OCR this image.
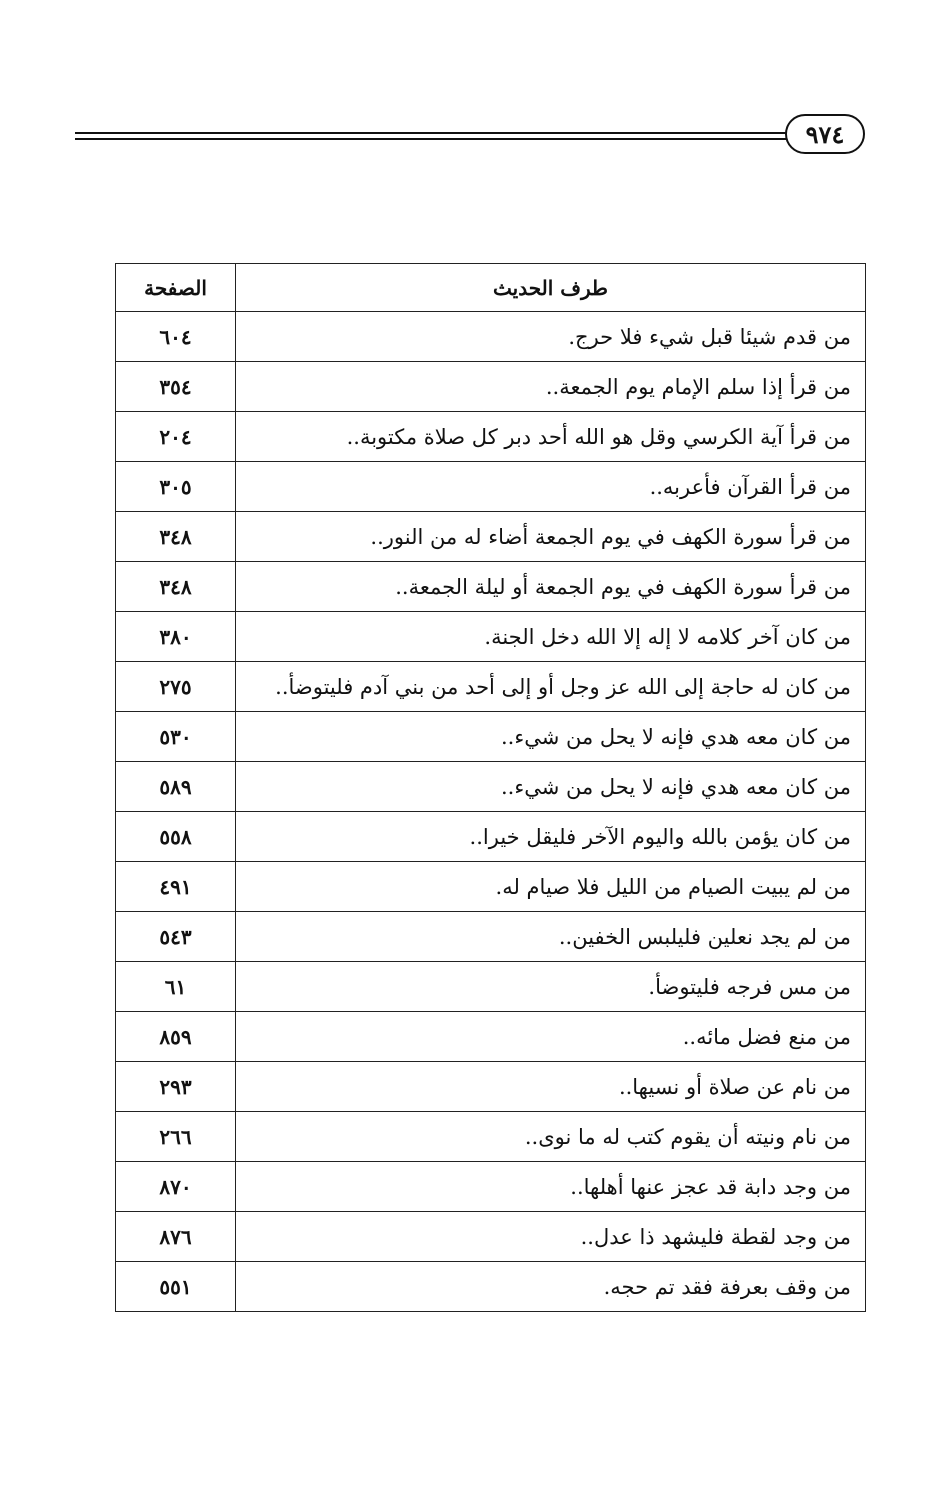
٩٧٤
طرف الحديث	الصفحة
من قدم شيئا قبل شيء فلا حرج.	٦٠٤
من قرأ إذا سلم الإمام يوم الجمعة..	٣٥٤
من قرأ آية الكرسي وقل هو الله أحد دبر كل صلاة مكتوبة..	٢٠٤
من قرأ القرآن فأعربه..	٣٠٥
من قرأ سورة الكهف في يوم الجمعة أضاء له من النور..	٣٤٨
من قرأ سورة الكهف في يوم الجمعة أو ليلة الجمعة..	٣٤٨
من كان آخر كلامه لا إله إلا الله دخل الجنة.	٣٨٠
من كان له حاجة إلى الله عز وجل أو إلى أحد من بني آدم فليتوضأ..	٢٧٥
من كان معه هدي فإنه لا يحل من شيء..	٥٣٠
من كان معه هدي فإنه لا يحل من شيء..	٥٨٩
من كان يؤمن بالله واليوم الآخر فليقل خيرا..	٥٥٨
من لم يبيت الصيام من الليل فلا صيام له.	٤٩١
من لم يجد نعلين فليلبس الخفين..	٥٤٣
من مس فرجه فليتوضأ.	٦١
من منع فضل مائه..	٨٥٩
من نام عن صلاة أو نسيها..	٢٩٣
من نام ونيته أن يقوم كتب له ما نوى..	٢٦٦
من وجد دابة قد عجز عنها أهلها..	٨٧٠
من وجد لقطة فليشهد ذا عدل..	٨٧٦
من وقف بعرفة فقد تم حجه.	٥٥١
